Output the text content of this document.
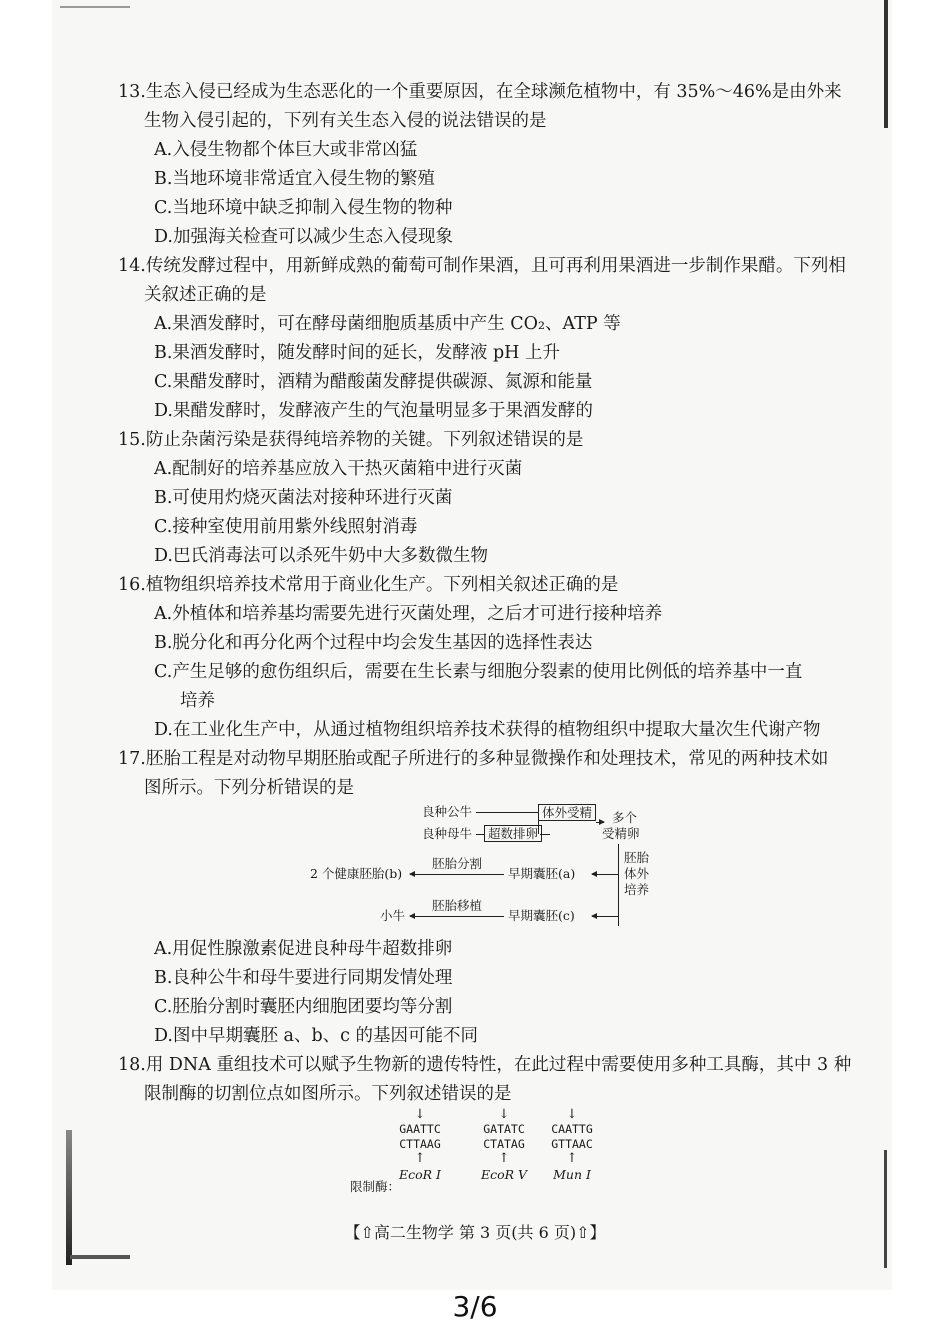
13.生态入侵已经成为生态恶化的一个重要原因，在全球濒危植物中，有 35%～46%是由外来
生物入侵引起的，下列有关生态入侵的说法错误的是
A.入侵生物都个体巨大或非常凶猛
B.当地环境非常适宜入侵生物的繁殖
C.当地环境中缺乏抑制入侵生物的物种
D.加强海关检查可以减少生态入侵现象
14.传统发酵过程中，用新鲜成熟的葡萄可制作果酒，且可再利用果酒进一步制作果醋。下列相
关叙述正确的是
A.果酒发酵时，可在酵母菌细胞质基质中产生 CO₂、ATP 等
B.果酒发酵时，随发酵时间的延长，发酵液 pH 上升
C.果醋发酵时，酒精为醋酸菌发酵提供碳源、氮源和能量
D.果醋发酵时，发酵液产生的气泡量明显多于果酒发酵的
15.防止杂菌污染是获得纯培养物的关键。下列叙述错误的是
A.配制好的培养基应放入干热灭菌箱中进行灭菌
B.可使用灼烧灭菌法对接种环进行灭菌
C.接种室使用前用紫外线照射消毒
D.巴氏消毒法可以杀死牛奶中大多数微生物
16.植物组织培养技术常用于商业化生产。下列相关叙述正确的是
A.外植体和培养基均需要先进行灭菌处理，之后才可进行接种培养
B.脱分化和再分化两个过程中均会发生基因的选择性表达
C.产生足够的愈伤组织后，需要在生长素与细胞分裂素的使用比例低的培养基中一直
培养
D.在工业化生产中，从通过植物组织培养技术获得的植物组织中提取大量次生代谢产物
17.胚胎工程是对动物早期胚胎或配子所进行的多种显微操作和处理技术，常见的两种技术如
图所示。下列分析错误的是
A.用促性腺激素促进良种母牛超数排卵
B.良种公牛和母牛要进行同期发情处理
C.胚胎分割时囊胚内细胞团要均等分割
D.图中早期囊胚 a、b、c 的基因可能不同
18.用 DNA 重组技术可以赋予生物新的遗传特性，在此过程中需要使用多种工具酶，其中 3 种
限制酶的切割位点如图所示。下列叙述错误的是
良种公牛
良种母牛	超数排卵
体外受精	多个
受精卵
胚胎
体外
培养
早期囊胚(a)
胚胎分割
2 个健康胚胎(b)
早期囊胚(c)
胚胎移植
小牛
↓
GAATTC
CTTAAG
↑
EcoR Ⅰ
↓
GATATC
CTATAG
↑
EcoR Ⅴ
↓
CAATTG
GTTAAC
↑
Mun Ⅰ
限制酶：
【⇧高二生物学 第 3 页(共 6 页)⇧】
3/6
